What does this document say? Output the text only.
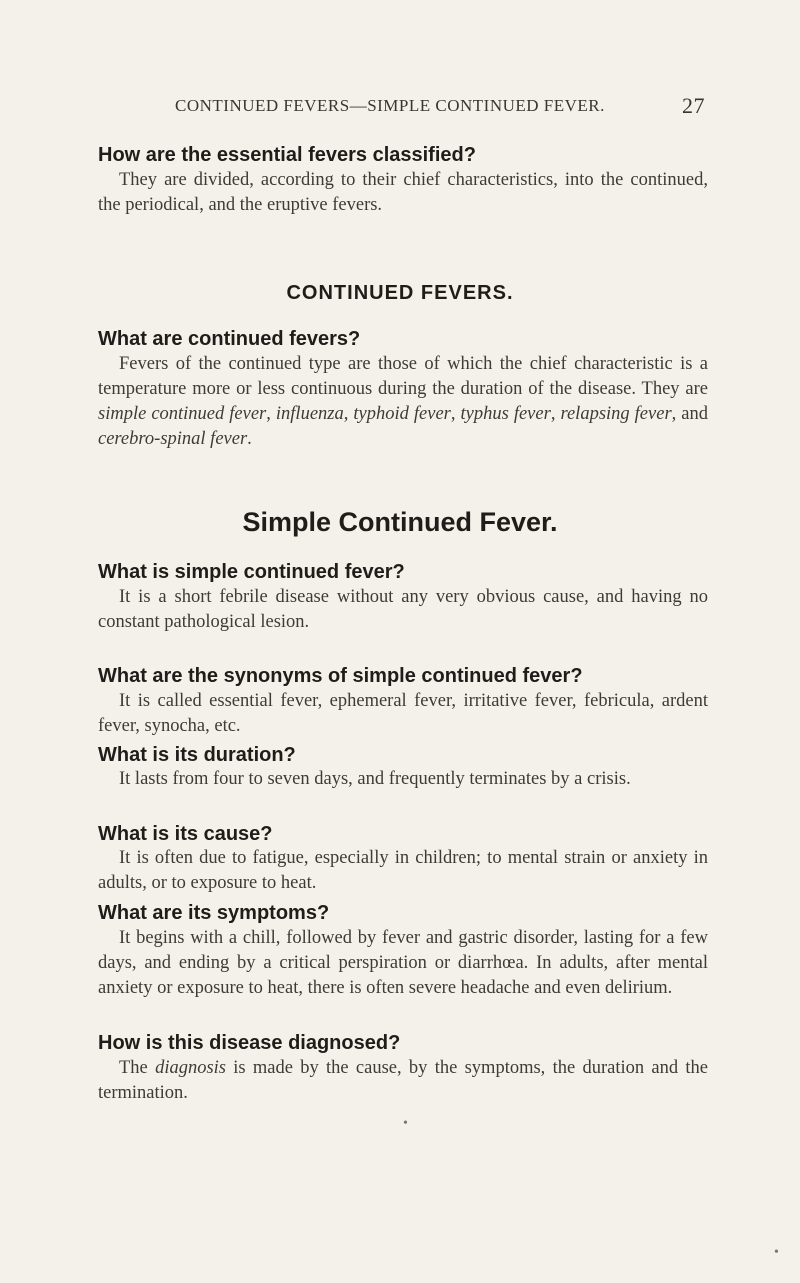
CONTINUED FEVERS—SIMPLE CONTINUED FEVER.	27
How are the essential fevers classified?
They are divided, according to their chief characteristics, into the continued, the periodical, and the eruptive fevers.
CONTINUED FEVERS.
What are continued fevers?
Fevers of the continued type are those of which the chief characteristic is a temperature more or less continuous during the duration of the disease. They are simple continued fever, influenza, typhoid fever, typhus fever, relapsing fever, and cerebro-spinal fever.
Simple Continued Fever.
What is simple continued fever?
It is a short febrile disease without any very obvious cause, and having no constant pathological lesion.
What are the synonyms of simple continued fever?
It is called essential fever, ephemeral fever, irritative fever, febricula, ardent fever, synocha, etc.
What is its duration?
It lasts from four to seven days, and frequently terminates by a crisis.
What is its cause?
It is often due to fatigue, especially in children; to mental strain or anxiety in adults, or to exposure to heat.
What are its symptoms?
It begins with a chill, followed by fever and gastric disorder, lasting for a few days, and ending by a critical perspiration or diarrhœa. In adults, after mental anxiety or exposure to heat, there is often severe headache and even delirium.
How is this disease diagnosed?
The diagnosis is made by the cause, by the symptoms, the duration and the termination.
•
•
